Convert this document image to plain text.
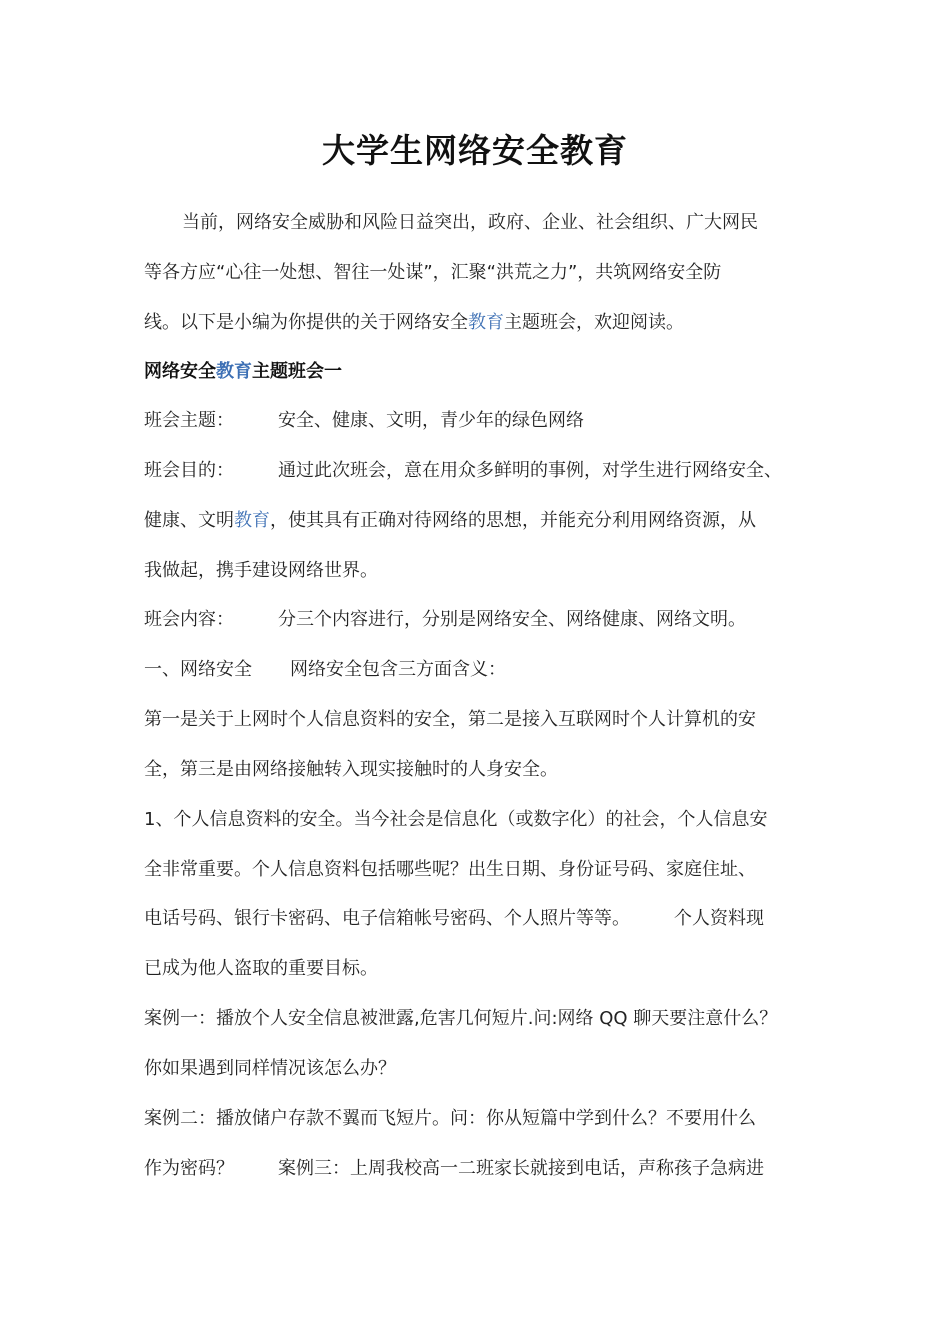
大学生网络安全教育
当前，网络安全威胁和风险日益突出，政府、企业、社会组织、广大网民
等各方应“心往一处想、智往一处谋”，汇聚“洪荒之力”，共筑网络安全防
线。以下是小编为你提供的关于网络安全教育主题班会，欢迎阅读。
网络安全教育主题班会一
班会主题： 安全、健康、文明，青少年的绿色网络
班会目的： 通过此次班会，意在用众多鲜明的事例，对学生进行网络安全、
健康、文明教育，使其具有正确对待网络的思想，并能充分利用网络资源，从
我做起，携手建设网络世界。
班会内容： 分三个内容进行，分别是网络安全、网络健康、网络文明。
一、网络安全 网络安全包含三方面含义：
第一是关于上网时个人信息资料的安全，第二是接入互联网时个人计算机的安
全，第三是由网络接触转入现实接触时的人身安全。
1、个人信息资料的安全。当今社会是信息化（或数字化）的社会，个人信息安
全非常重要。个人信息资料包括哪些呢？出生日期、身份证号码、家庭住址、
电话号码、银行卡密码、电子信箱帐号密码、个人照片等等。 个人资料现
已成为他人盗取的重要目标。
案例一：播放个人安全信息被泄露,危害几何短片.问:网络 QQ 聊天要注意什么？
你如果遇到同样情况该怎么办？
案例二：播放储户存款不翼而飞短片。问：你从短篇中学到什么？不要用什么
作为密码？ 案例三：上周我校高一二班家长就接到电话，声称孩子急病进
